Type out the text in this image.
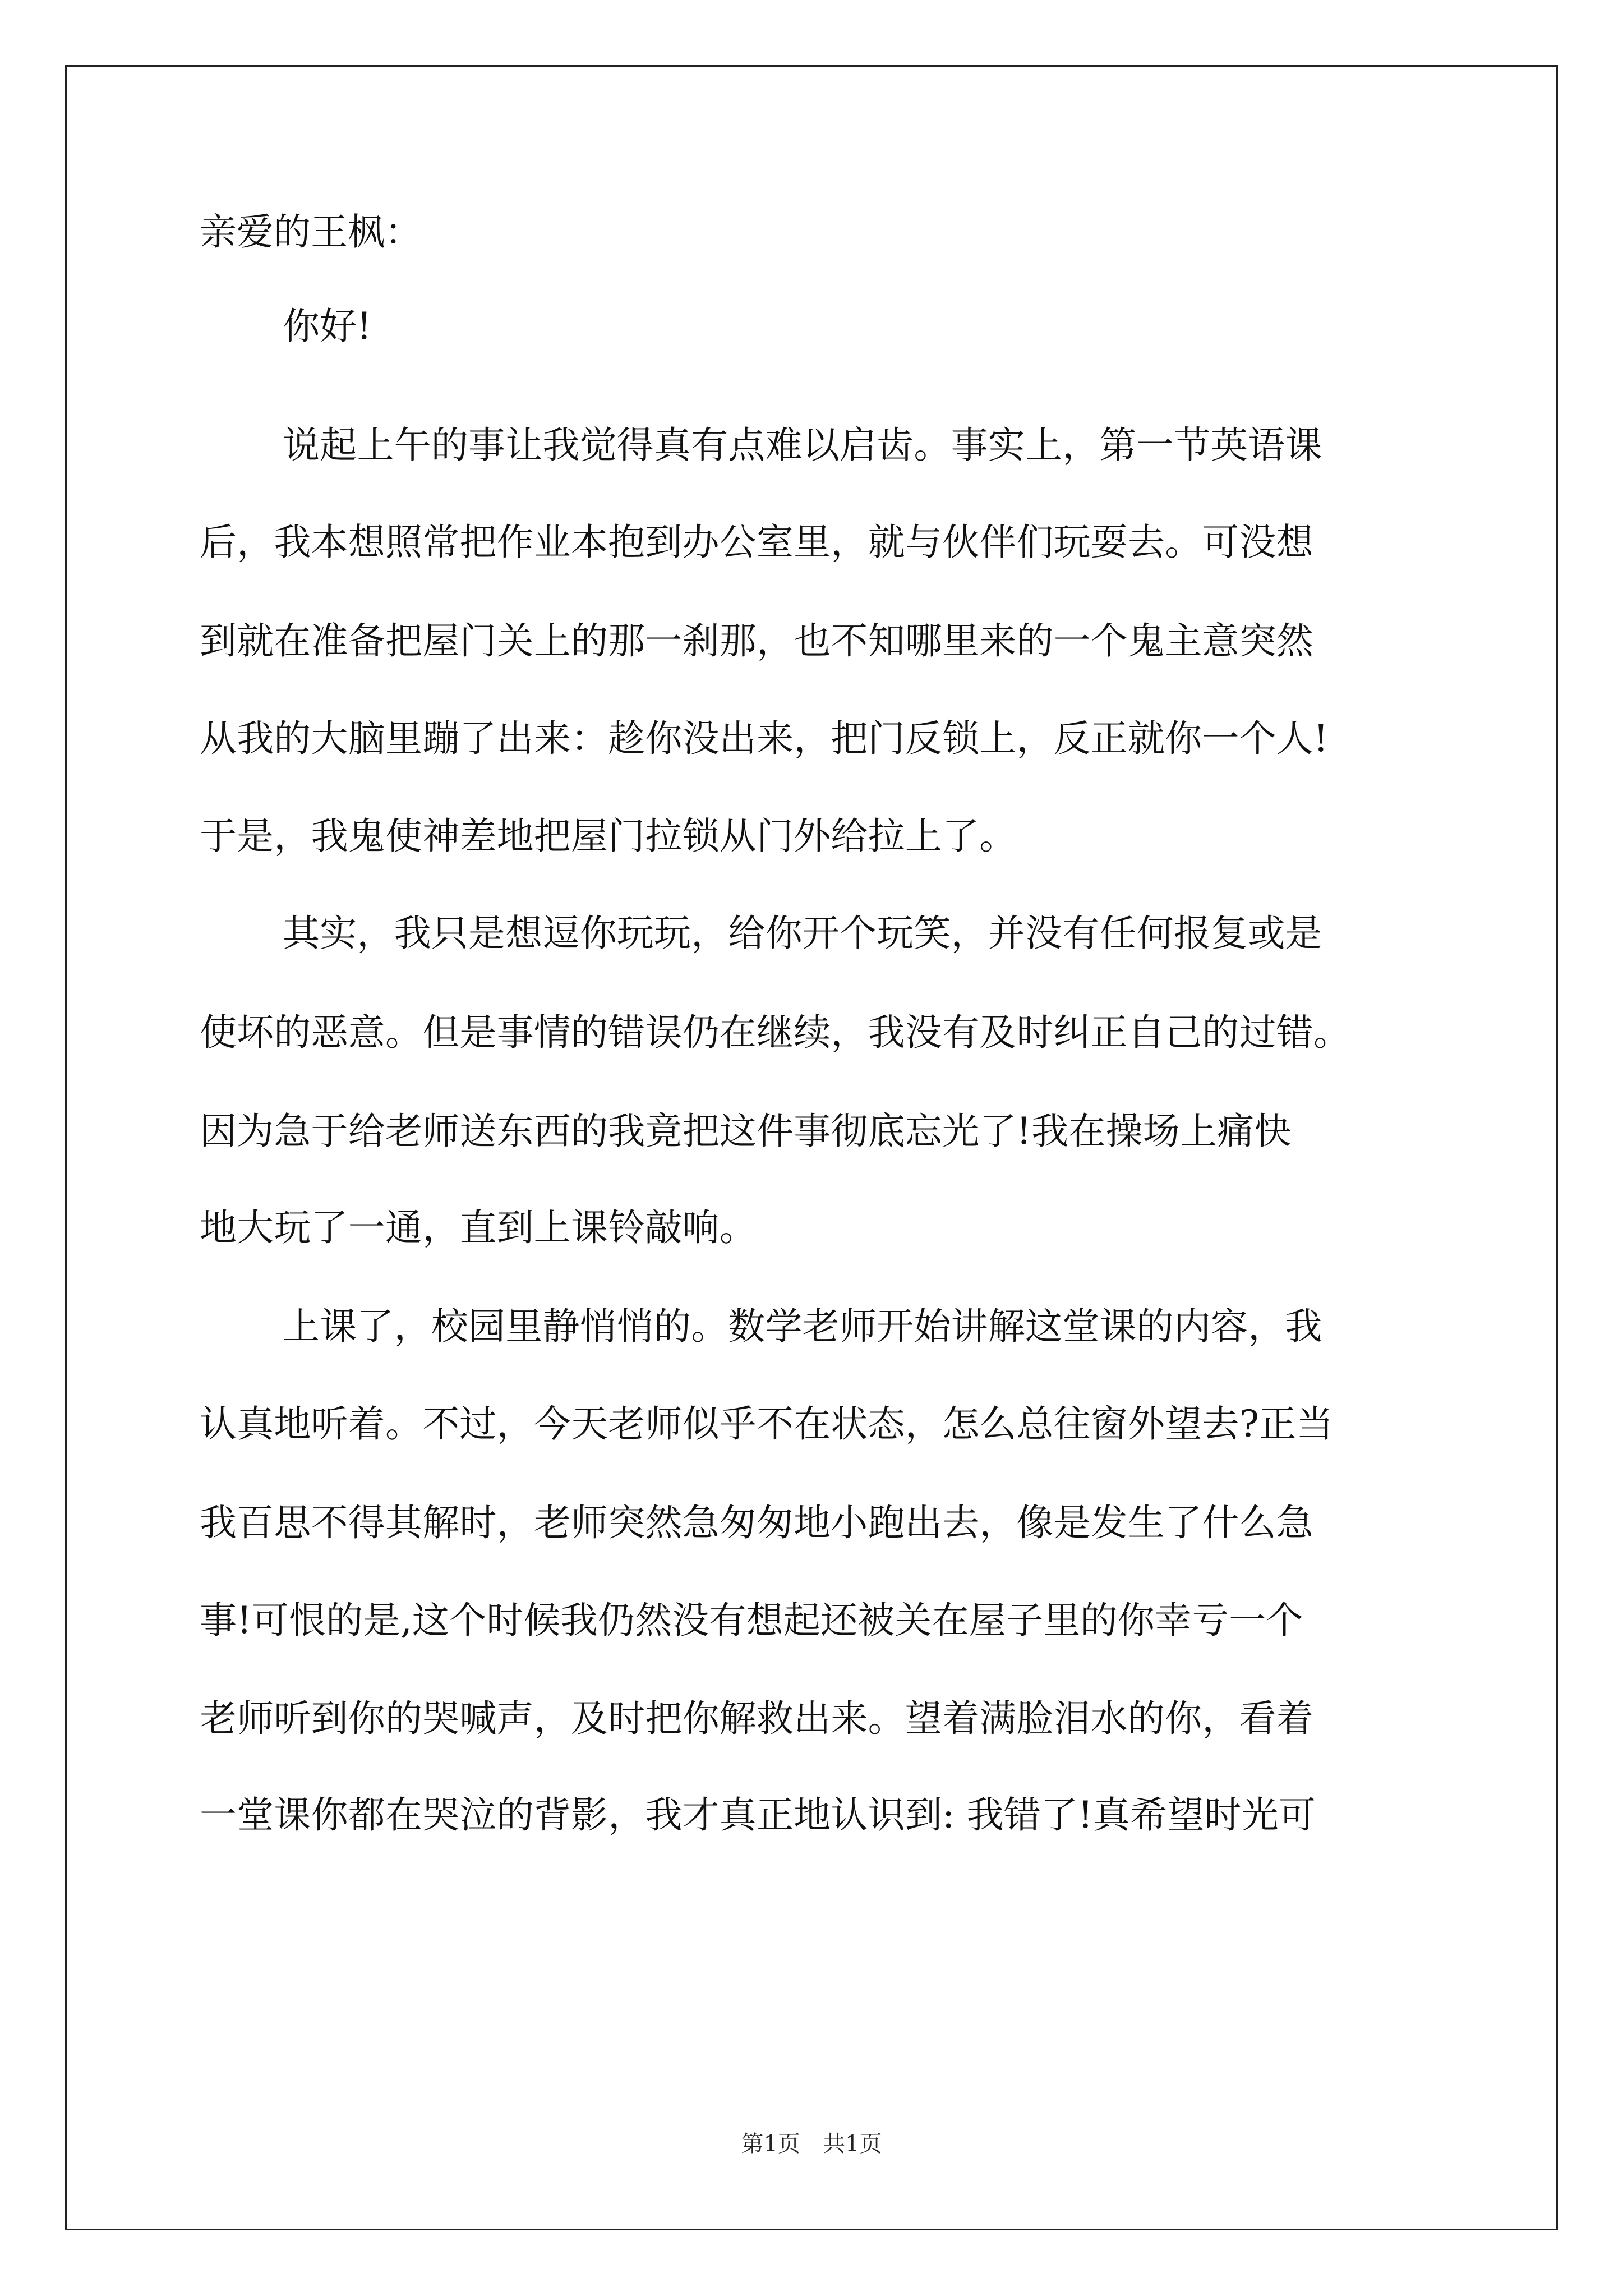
亲爱的王枫：
你好!
说起上午的事让我觉得真有点难以启齿。事实上，第一节英语课
后，我本想照常把作业本抱到办公室里，就与伙伴们玩耍去。可没想
到就在准备把屋门关上的那一刹那，也不知哪里来的一个鬼主意突然
从我的大脑里蹦了出来：趁你没出来，把门反锁上，反正就你一个人!
于是，我鬼使神差地把屋门拉锁从门外给拉上了。
其实，我只是想逗你玩玩，给你开个玩笑，并没有任何报复或是
使坏的恶意。但是事情的错误仍在继续，我没有及时纠正自己的过错。
因为急于给老师送东西的我竟把这件事彻底忘光了!我在操场上痛快
地大玩了一通，直到上课铃敲响。
上课了，校园里静悄悄的。数学老师开始讲解这堂课的内容，我
认真地听着。不过，今天老师似乎不在状态，怎么总往窗外望去?正当
我百思不得其解时，老师突然急匆匆地小跑出去，像是发生了什么急
事!可恨的是,这个时候我仍然没有想起还被关在屋子里的你幸亏一个
老师听到你的哭喊声，及时把你解救出来。望着满脸泪水的你，看着
一堂课你都在哭泣的背影，我才真正地认识到: 我错了!真希望时光可
第1页　共1页
